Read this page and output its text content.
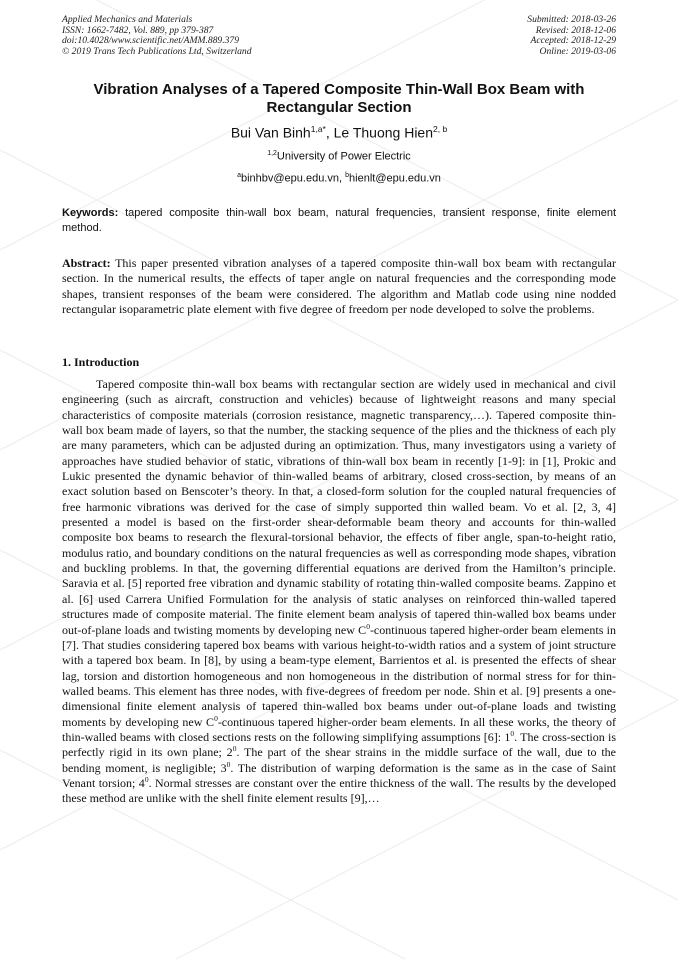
Applied Mechanics and Materials
ISSN: 1662-7482, Vol. 889, pp 379-387
doi:10.4028/www.scientific.net/AMM.889.379
© 2019 Trans Tech Publications Ltd, Switzerland
Submitted: 2018-03-26
Revised: 2018-12-06
Accepted: 2018-12-29
Online: 2019-03-06
Vibration Analyses of a Tapered Composite Thin-Wall Box Beam with Rectangular Section
Bui Van Binh$^{1,a*}$, Le Thuong Hien$^{2, b}$
$^{1,2}$University of Power Electric
$^a$binhbv@epu.edu.vn, $^b$hienlt@epu.edu.vn
Keywords: tapered composite thin-wall box beam, natural frequencies, transient response, finite element method.
Abstract: This paper presented vibration analyses of a tapered composite thin-wall box beam with rectangular section. In the numerical results, the effects of taper angle on natural frequencies and the corresponding mode shapes, transient responses of the beam were considered. The algorithm and Matlab code using nine nodded rectangular isoparametric plate element with five degree of freedom per node developed to solve the problems.
1. Introduction
Tapered composite thin-wall box beams with rectangular section are widely used in mechanical and civil engineering (such as aircraft, construction and vehicles) because of lightweight reasons and many special characteristics of composite materials (corrosion resistance, magnetic transparency,…). Tapered composite thin-wall box beam made of layers, so that the number, the stacking sequence of the plies and the thickness of each ply are many parameters, which can be adjusted during an optimization. Thus, many investigators using a variety of approaches have studied behavior of static, vibrations of thin-wall box beam in recently [1-9]: in [1], Prokic and Lukic presented the dynamic behavior of thin-walled beams of arbitrary, closed cross-section, by means of an exact solution based on Benscoter’s theory. In that, a closed-form solution for the coupled natural frequencies of free harmonic vibrations was derived for the case of simply supported thin walled beam. Vo et al. [2, 3, 4] presented a model is based on the first-order shear-deformable beam theory and accounts for thin-walled composite box beams to research the flexural-torsional behavior, the effects of fiber angle, span-to-height ratio, modulus ratio, and boundary conditions on the natural frequencies as well as corresponding mode shapes, vibration and buckling problems. In that, the governing differential equations are derived from the Hamilton’s principle. Saravia et al. [5] reported free vibration and dynamic stability of rotating thin-walled composite beams. Zappino et al. [6] used Carrera Unified Formulation for the analysis of static analyses on reinforced thin-walled tapered structures made of composite material. The finite element beam analysis of tapered thin-walled box beams under out-of-plane loads and twisting moments by developing new $C^0$-continuous tapered higher-order beam elements in [7]. That studies considering tapered box beams with various height-to-width ratios and a system of joint structure with a tapered box beam. In [8], by using a beam-type element, Barrientos et al. is presented the effects of shear lag, torsion and distortion homogeneous and non homogeneous in the distribution of normal stress for for thin-walled beams. This element has three nodes, with five-degrees of freedom per node. Shin et al. [9] presents a one-dimensional finite element analysis of tapered thin-walled box beams under out-of-plane loads and twisting moments by developing new $C^0$-continuous tapered higher-order beam elements. In all these works, the theory of thin-walled beams with closed sections rests on the following simplifying assumptions [6]: $1^0$. The cross-section is perfectly rigid in its own plane; $2^0$. The part of the shear strains in the middle surface of the wall, due to the bending moment, is negligible; $3^0$. The distribution of warping deformation is the same as in the case of Saint Venant torsion; $4^0$. Normal stresses are constant over the entire thickness of the wall. The results by the developed these method are unlike with the shell finite element results [9],…
